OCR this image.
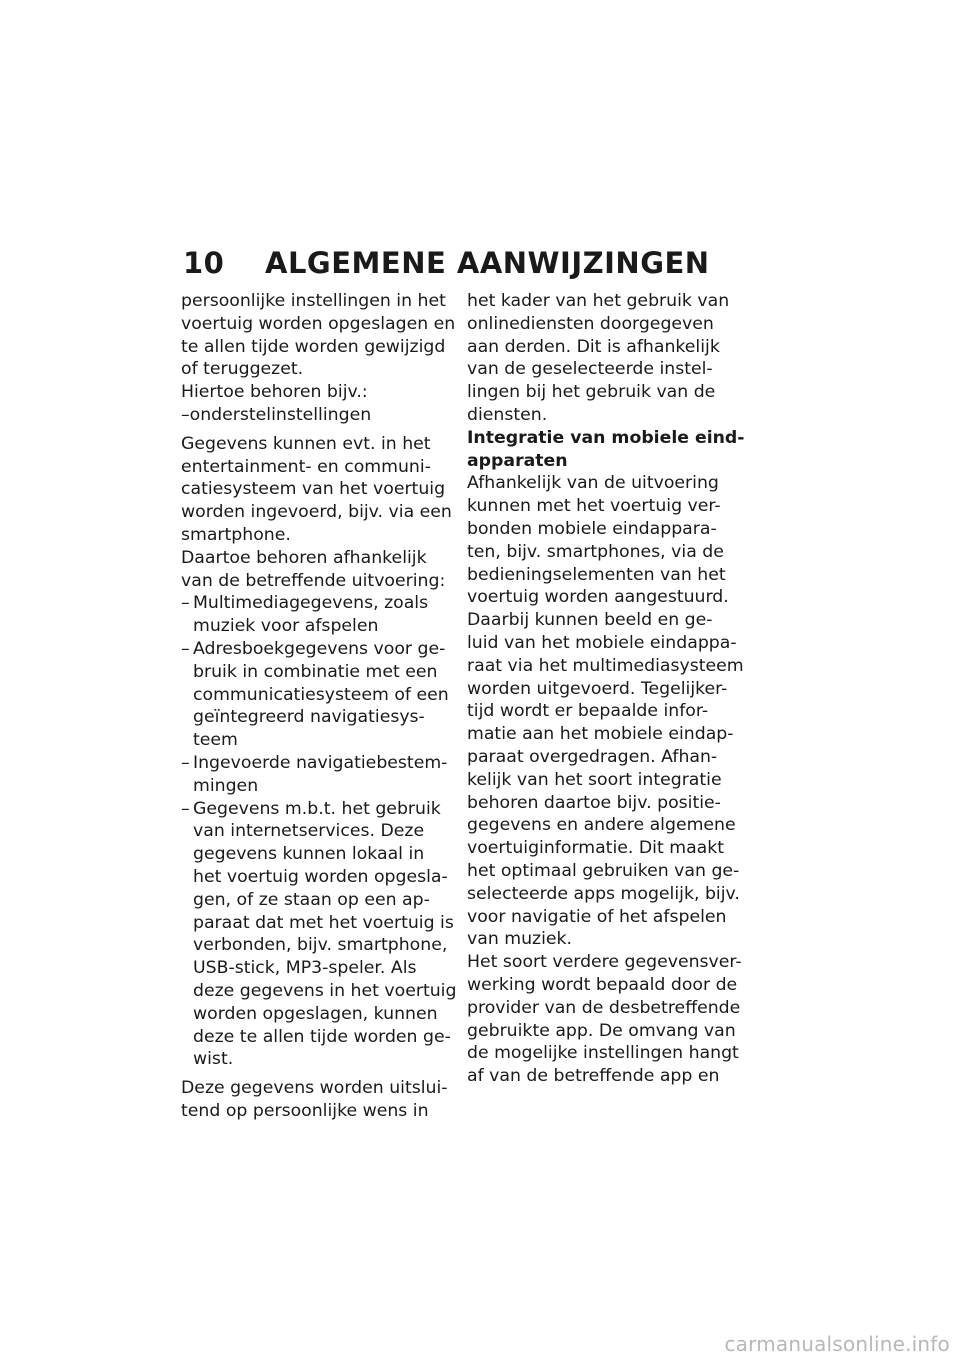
10	ALGEMENE AANWIJZINGEN
persoonlijke instellingen in het
voertuig worden opgeslagen en
te allen tijde worden gewijzigd
of teruggezet.
Hiertoe behoren bijv.:
–onderstelinstellingen
Gegevens kunnen evt. in het
entertainment- en communi-
catiesysteem van het voertuig
worden ingevoerd, bijv. via een
smartphone.
Daartoe behoren afhankelijk
van de betreffende uitvoering:
– Multimediagegevens, zoals
muziek voor afspelen
– Adresboekgegevens voor ge-
bruik in combinatie met een
communicatiesysteem of een
geïntegreerd navigatiesys-
teem
– Ingevoerde navigatiebestem-
mingen
– Gegevens m.b.t. het gebruik
van internetservices. Deze
gegevens kunnen lokaal in
het voertuig worden opgesla-
gen, of ze staan op een ap-
paraat dat met het voertuig is
verbonden, bijv. smartphone,
USB-stick, MP3-speler. Als
deze gegevens in het voertuig
worden opgeslagen, kunnen
deze te allen tijde worden ge-
wist.
Deze gegevens worden uitslui-
tend op persoonlijke wens in
het kader van het gebruik van
onlinediensten doorgegeven
aan derden. Dit is afhankelijk
van de geselecteerde instel-
lingen bij het gebruik van de
diensten.
Integratie van mobiele eind-
apparaten
Afhankelijk van de uitvoering
kunnen met het voertuig ver-
bonden mobiele eindappara-
ten, bijv. smartphones, via de
bedieningselementen van het
voertuig worden aangestuurd.
Daarbij kunnen beeld en ge-
luid van het mobiele eindappa-
raat via het multimediasysteem
worden uitgevoerd. Tegelijker-
tijd wordt er bepaalde infor-
matie aan het mobiele eindap-
paraat overgedragen. Afhan-
kelijk van het soort integratie
behoren daartoe bijv. positie-
gegevens en andere algemene
voertuiginformatie. Dit maakt
het optimaal gebruiken van ge-
selecteerde apps mogelijk, bijv.
voor navigatie of het afspelen
van muziek.
Het soort verdere gegevensver-
werking wordt bepaald door de
provider van de desbetreffende
gebruikte app. De omvang van
de mogelijke instellingen hangt
af van de betreffende app en
carmanualsonline.info
